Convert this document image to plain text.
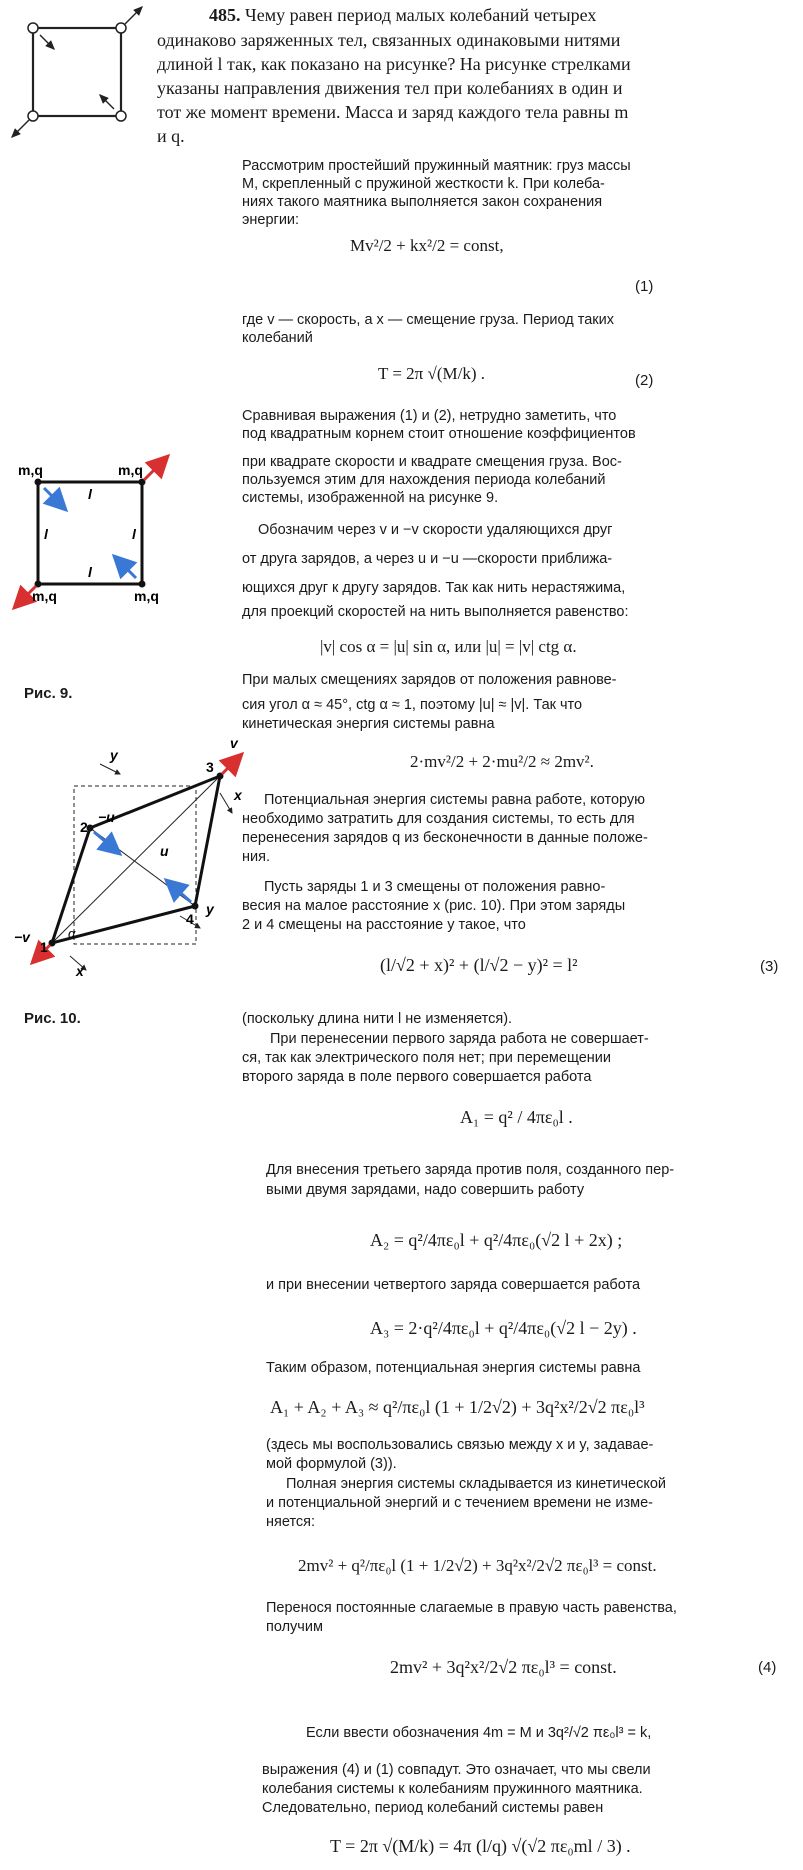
485. Чему равен период малых колебаний четырех
одинаково заряженных тел, связанных одинаковыми нитями
длиной l так, как показано на рисунке? На рисунке стрелками
указаны направления движения тел при колебаниях в один и
тот же момент времени. Масса и заряд каждого тела равны m
и q.
Рассмотрим простейший пружинный маятник: груз массы
M, скрепленный с пружиной жесткости k. При колеба-
ниях такого маятника выполняется закон сохранения
энергии:
Mv²/2 + kx²/2 = const,
(1)
где v — скорость, а x — смещение груза. Период таких
колебаний
T = 2π √(M/k) .	(2)
Сравнивая выражения (1) и (2), нетрудно заметить, что
под квадратным корнем стоит отношение коэффициентов
при квадрате скорости и квадрате смещения груза. Вос-
пользуемся этим для нахождения периода колебаний
системы, изображенной на рисунке 9.
m,q	m,q
m,q	m,q
l
l	l
l
Рис. 9.
Обозначим через v и −v скорости удаляющихся друг
от друга зарядов, а через u и −u —скорости приближа-
ющихся друг к другу зарядов. Так как нить нерастяжима,
для проекций скоростей на нить выполняется равенство:
|v| cos α = |u| sin α, или |u| = |v| ctg α.
При малых смещениях зарядов от положения равнове-
сия угол α ≈ 45°, ctg α ≈ 1, поэтому |u| ≈ |v|. Так что
кинетическая энергия системы равна
2·mv²/2 + 2·mu²/2 ≈ 2mv².
Потенциальная энергия системы равна работе, которую
необходимо затратить для создания системы, то есть для
перенесения зарядов q из бесконечности в данные положе-
ния.
Пусть заряды 1 и 3 смещены от положения равно-
весия на малое расстояние x (рис. 10). При этом заряды
2 и 4 смещены на расстояние y такое, что
(l/√2 + x)² + (l/√2 − y)² = l²	(3)
1
2
3
4
y
x
y
x
−u
u
−v
v
α
Рис. 10.	(поскольку длина нити l не изменяется).
При перенесении первого заряда работа не совершает-
ся, так как электрического поля нет; при перемещении
второго заряда в поле первого совершается работа
A₁ = q² / 4πε₀l .
Для внесения третьего заряда против поля, созданного пер-
выми двумя зарядами, надо совершить работу
A₂ = q²/4πε₀l + q²/4πε₀(√2 l + 2x) ;
и при внесении четвертого заряда совершается работа
A₃ = 2·q²/4πε₀l + q²/4πε₀(√2 l − 2y) .
Таким образом, потенциальная энергия системы равна
A₁ + A₂ + A₃ ≈ q²/πε₀l (1 + 1/2√2) + 3q²x²/2√2 πε₀l³
(здесь мы воспользовались связью между x и y, задавае-
мой формулой (3)).
Полная энергия системы складывается из кинетической
и потенциальной энергий и с течением времени не изме-
няется:
2mv² + q²/πε₀l (1 + 1/2√2) + 3q²x²/2√2 πε₀l³ = const.
Перенося постоянные слагаемые в правую часть равенства,
получим
2mv² + 3q²x²/2√2 πε₀l³ = const.	(4)
Если ввести обозначения 4m = M и 3q²/√2 πε₀l³ = k,
выражения (4) и (1) совпадут. Это означает, что мы свели
колебания системы к колебаниям пружинного маятника.
Следовательно, период колебаний системы равен
T = 2π √(M/k) = 4π (l/q) √(√2 πε₀ml / 3) .
